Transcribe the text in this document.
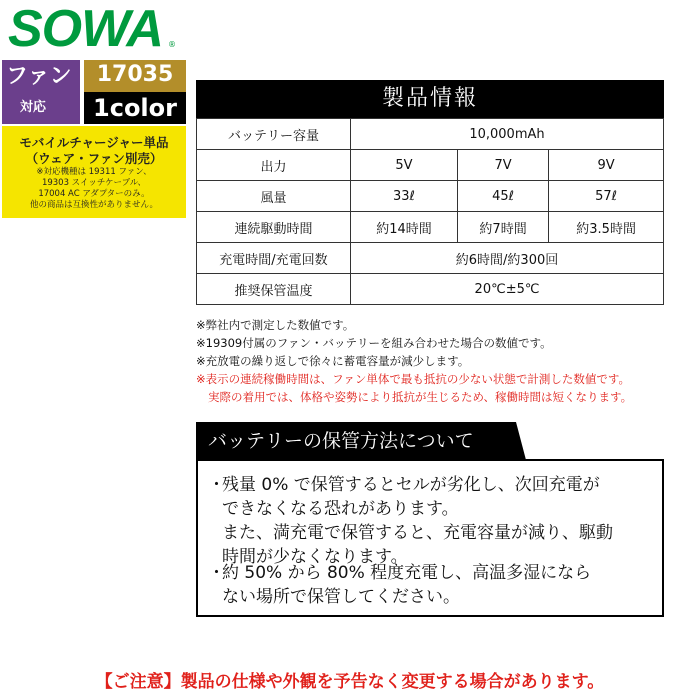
SOWA ®
ファン
対応
17035
1color
モバイルチャージャー単品
（ウェア・ファン別売）
※対応機種は 19311 ファン、
19303 スイッチケーブル、
17004 AC アダプターのみ。
他の商品は互換性がありません。
製品情報
バッテリー容量	10,000mAh		
出力	5V	7V	9V
風量	33ℓ	45ℓ	57ℓ
連続駆動時間	約14時間	約7時間	約3.5時間
充電時間/充電回数	約6時間/約300回		
推奨保管温度	20℃±5℃		
※弊社内で測定した数値です。
※19309付属のファン・バッテリーを組み合わせた場合の数値です。
※充放電の繰り返しで徐々に蓄電容量が減少します。
※表示の連続稼働時間は、ファン単体で最も抵抗の少ない状態で計測した数値です。
実際の着用では、体格や姿勢により抵抗が生じるため、稼働時間は短くなります。
バッテリーの保管方法について
・残量 0% で保管するとセルが劣化し、次回充電が
できなくなる恐れがあります。
また、満充電で保管すると、充電容量が減り、駆動
時間が少なくなります。
・約 50% から 80% 程度充電し、高温多湿になら
ない場所で保管してください。
【ご注意】製品の仕様や外観を予告なく変更する場合があります。
